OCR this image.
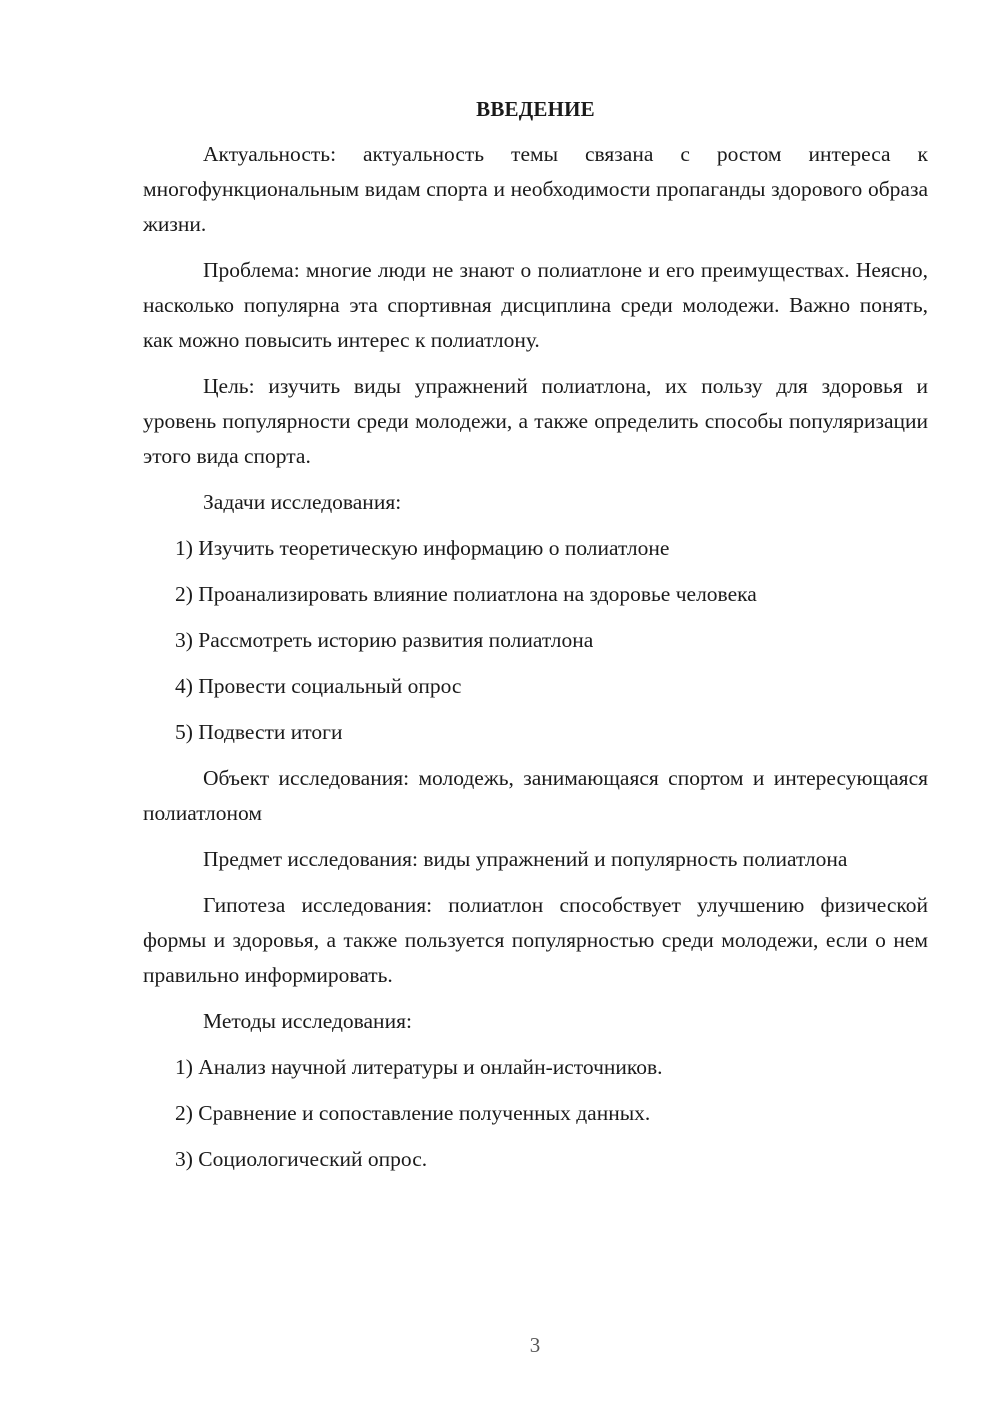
ВВЕДЕНИЕ

Актуальность: актуальность темы связана с ростом интереса к многофункциональным видам спорта и необходимости пропаганды здорового образа жизни.

Проблема: многие люди не знают о полиатлоне и его преимуществах. Неясно, насколько популярна эта спортивная дисциплина среди молодежи. Важно понять, как можно повысить интерес к полиатлону.

Цель: изучить виды упражнений полиатлона, их пользу для здоровья и уровень популярности среди молодежи, а также определить способы популяризации этого вида спорта.

Задачи исследования:

1) Изучить теоретическую информацию о полиатлоне
2) Проанализировать влияние полиатлона на здоровье человека
3) Рассмотреть историю развития полиатлона
4) Провести социальный опрос
5) Подвести итоги

Объект исследования: молодежь, занимающаяся спортом и интересующаяся полиатлоном

Предмет исследования: виды упражнений и популярность полиатлона

Гипотеза исследования: полиатлон способствует улучшению физической формы и здоровья, а также пользуется популярностью среди молодежи, если о нем правильно информировать.

Методы исследования:

1) Анализ научной литературы и онлайн-источников.
2) Сравнение и сопоставление полученных данных.
3) Социологический опрос.
3
